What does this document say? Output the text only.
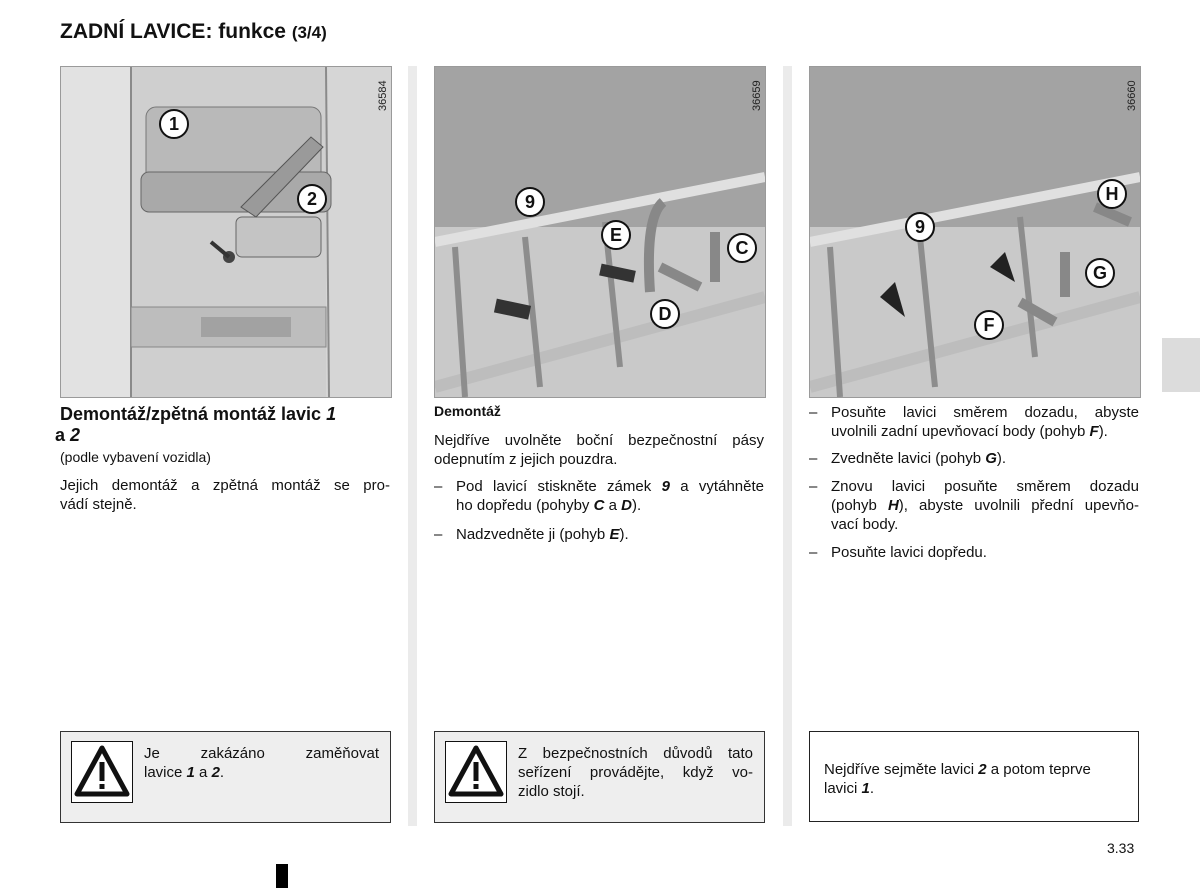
ZADNÍ LAVICE: funkce (3/4)
36584
1
2
36659
9
E
C
D
36660
9
H
G
F
Demontáž/zpětná montáž lavic 1
a 2
(podle vybavení vozidla)
Jejich demontáž a zpětná montáž se pro-
vádí stejně.
Demontáž
Nejdříve uvolněte boční bezpečnostní pásy
odepnutím z jejich pouzdra.
– Pod lavicí stiskněte zámek 9 a vytáhněte
ho dopředu (pohyby C a D).
– Nadzvedněte ji (pohyb E).
– Posuňte lavici směrem dozadu, abyste
uvolnili zadní upevňovací body (pohyb F).
– Zvedněte lavici (pohyb G).
– Znovu lavici posuňte směrem dozadu
(pohyb H), abyste uvolnili přední upevňo-
vací body.
– Posuňte lavici dopředu.
Je zakázáno zaměňovat
lavice 1 a 2.
Z bezpečnostních důvodů tato
seřízení provádějte, když vo-
zidlo stojí.
Nejdříve sejměte lavici 2 a potom teprve
lavici 1.
3.33
